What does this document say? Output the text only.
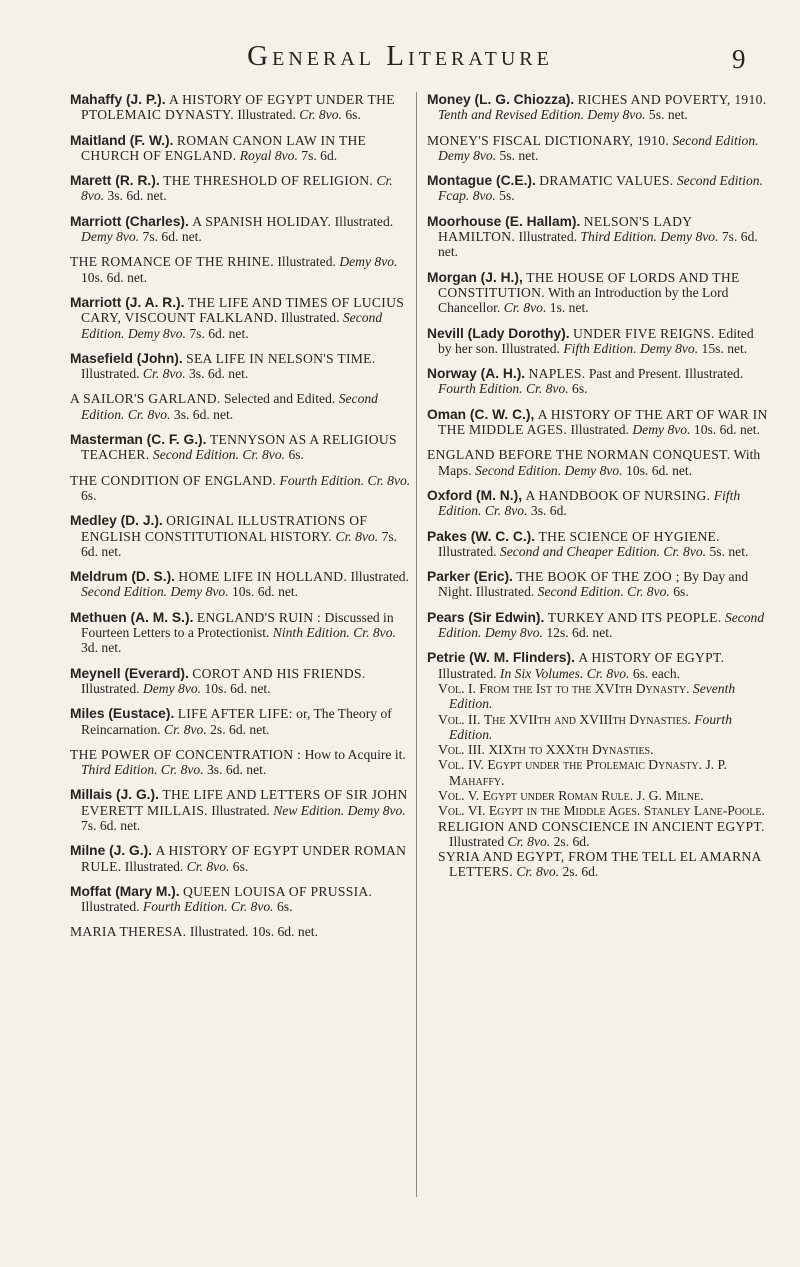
General Literature	9
Mahaffy (J. P.). A HISTORY OF EGYPT UNDER THE PTOLEMAIC DYNASTY. Illustrated. Cr. 8vo. 6s.
Maitland (F. W.). ROMAN CANON LAW IN THE CHURCH OF ENGLAND. Royal 8vo. 7s. 6d.
Marett (R. R.). THE THRESHOLD OF RELIGION. Cr. 8vo. 3s. 6d. net.
Marriott (Charles). A SPANISH HOLIDAY. Illustrated. Demy 8vo. 7s. 6d. net.
THE ROMANCE OF THE RHINE. Illustrated. Demy 8vo. 10s. 6d. net.
Marriott (J. A. R.). THE LIFE AND TIMES OF LUCIUS CARY, VISCOUNT FALKLAND. Illustrated. Second Edition. Demy 8vo. 7s. 6d. net.
Masefield (John). SEA LIFE IN NELSON'S TIME. Illustrated. Cr. 8vo. 3s. 6d. net.
A SAILOR'S GARLAND. Selected and Edited. Second Edition. Cr. 8vo. 3s. 6d. net.
Masterman (C. F. G.). TENNYSON AS A RELIGIOUS TEACHER. Second Edition. Cr. 8vo. 6s.
THE CONDITION OF ENGLAND. Fourth Edition. Cr. 8vo. 6s.
Medley (D. J.). ORIGINAL ILLUSTRATIONS OF ENGLISH CONSTITUTIONAL HISTORY. Cr. 8vo. 7s. 6d. net.
Meldrum (D. S.). HOME LIFE IN HOLLAND. Illustrated. Second Edition. Demy 8vo. 10s. 6d. net.
Methuen (A. M. S.). ENGLAND'S RUIN : Discussed in Fourteen Letters to a Protectionist. Ninth Edition. Cr. 8vo. 3d. net.
Meynell (Everard). COROT AND HIS FRIENDS. Illustrated. Demy 8vo. 10s. 6d. net.
Miles (Eustace). LIFE AFTER LIFE: or, The Theory of Reincarnation. Cr. 8vo. 2s. 6d. net.
THE POWER OF CONCENTRATION : How to Acquire it. Third Edition. Cr. 8vo. 3s. 6d. net.
Millais (J. G.). THE LIFE AND LETTERS OF SIR JOHN EVERETT MILLAIS. Illustrated. New Edition. Demy 8vo. 7s. 6d. net.
Milne (J. G.). A HISTORY OF EGYPT UNDER ROMAN RULE. Illustrated. Cr. 8vo. 6s.
Moffat (Mary M.). QUEEN LOUISA OF PRUSSIA. Illustrated. Fourth Edition. Cr. 8vo. 6s.
MARIA THERESA. Illustrated. 10s. 6d. net.
Money (L. G. Chiozza). RICHES AND POVERTY, 1910. Tenth and Revised Edition. Demy 8vo. 5s. net.
MONEY'S FISCAL DICTIONARY, 1910. Second Edition. Demy 8vo. 5s. net.
Montague (C.E.). DRAMATIC VALUES. Second Edition. Fcap. 8vo. 5s.
Moorhouse (E. Hallam). NELSON'S LADY HAMILTON. Illustrated. Third Edition. Demy 8vo. 7s. 6d. net.
Morgan (J. H.), THE HOUSE OF LORDS AND THE CONSTITUTION. With an Introduction by the Lord Chancellor. Cr. 8vo. 1s. net.
Nevill (Lady Dorothy). UNDER FIVE REIGNS. Edited by her son. Illustrated. Fifth Edition. Demy 8vo. 15s. net.
Norway (A. H.). NAPLES. Past and Present. Illustrated. Fourth Edition. Cr. 8vo. 6s.
Oman (C. W. C.), A HISTORY OF THE ART OF WAR IN THE MIDDLE AGES. Illustrated. Demy 8vo. 10s. 6d. net.
ENGLAND BEFORE THE NORMAN CONQUEST. With Maps. Second Edition. Demy 8vo. 10s. 6d. net.
Oxford (M. N.), A HANDBOOK OF NURSING. Fifth Edition. Cr. 8vo. 3s. 6d.
Pakes (W. C. C.). THE SCIENCE OF HYGIENE. Illustrated. Second and Cheaper Edition. Cr. 8vo. 5s. net.
Parker (Eric). THE BOOK OF THE ZOO ; By Day and Night. Illustrated. Second Edition. Cr. 8vo. 6s.
Pears (Sir Edwin). TURKEY AND ITS PEOPLE. Second Edition. Demy 8vo. 12s. 6d. net.
Petrie (W. M. Flinders). A HISTORY OF EGYPT. Illustrated. In Six Volumes. Cr. 8vo. 6s. each.
Vol. I. From the Ist to the XVIth Dynasty. Seventh Edition.
Vol. II. The XVIIth and XVIIIth Dynasties. Fourth Edition.
Vol. III. XIXth to XXXth Dynasties.
Vol. IV. Egypt under the Ptolemaic Dynasty. J. P. Mahaffy.
Vol. V. Egypt under Roman Rule. J. G. Milne.
Vol. VI. Egypt in the Middle Ages. Stanley Lane-Poole.
RELIGION AND CONSCIENCE IN ANCIENT EGYPT. Illustrated Cr. 8vo. 2s. 6d.
SYRIA AND EGYPT, FROM THE TELL EL AMARNA LETTERS. Cr. 8vo. 2s. 6d.
